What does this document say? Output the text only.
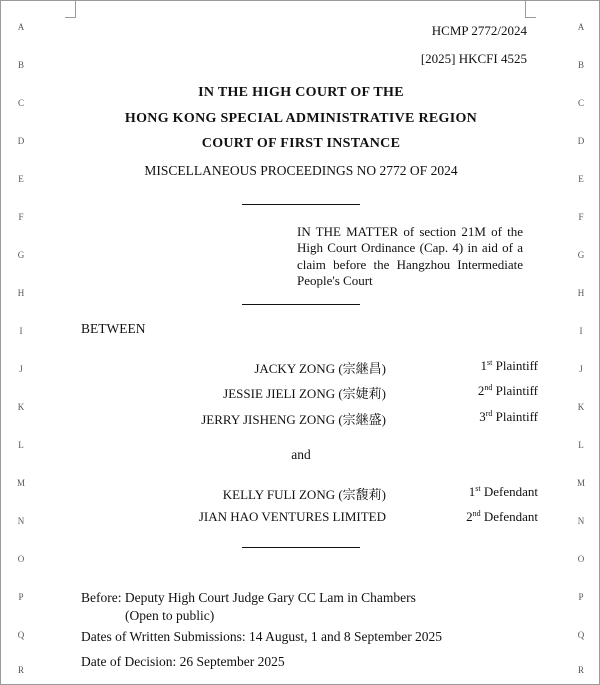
A
B
C
D
E
F
G
H
I
J
K
L
M
N
O
P
Q
R
A
B
C
D
E
F
G
H
I
J
K
L
M
N
O
P
Q
R
HCMP 2772/2024
[2025] HKCFI 4525
IN THE HIGH COURT OF THE
HONG KONG SPECIAL ADMINISTRATIVE REGION
COURT OF FIRST INSTANCE
MISCELLANEOUS PROCEEDINGS NO 2772 OF 2024
IN THE MATTER of section 21M of the High Court Ordinance (Cap. 4) in aid of a claim before the Hangzhou Intermediate People's Court
BETWEEN
JACKY ZONG (宗継昌)	1st Plaintiff
JESSIE JIELI ZONG (宗婕莉)	2nd Plaintiff
JERRY JISHENG ZONG (宗継盛)	3rd Plaintiff
and
KELLY FULI ZONG (宗馥莉)	1st Defendant
JIAN HAO VENTURES LIMITED	2nd Defendant
Before: Deputy High Court Judge Gary CC Lam in Chambers
(Open to public)
Dates of Written Submissions: 14 August, 1 and 8 September 2025
Date of Decision: 26 September 2025
